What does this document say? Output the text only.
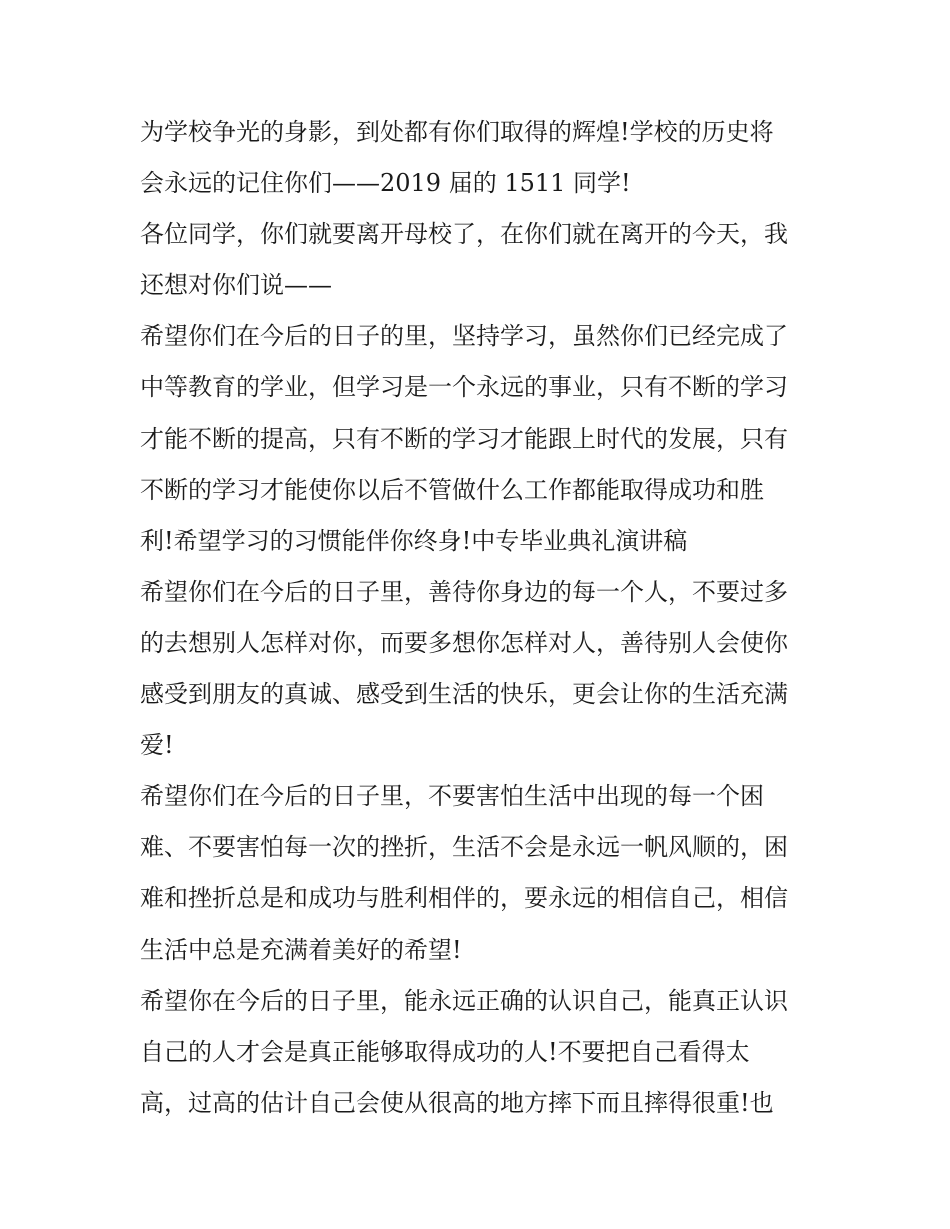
为学校争光的身影，到处都有你们取得的辉煌!学校的历史将
会永远的记住你们——2019 届的 1511 同学!
各位同学，你们就要离开母校了，在你们就在离开的今天，我
还想对你们说——
希望你们在今后的日子的里，坚持学习，虽然你们已经完成了
中等教育的学业，但学习是一个永远的事业，只有不断的学习
才能不断的提高，只有不断的学习才能跟上时代的发展，只有
不断的学习才能使你以后不管做什么工作都能取得成功和胜
利!希望学习的习惯能伴你终身!中专毕业典礼演讲稿
希望你们在今后的日子里，善待你身边的每一个人，不要过多
的去想别人怎样对你，而要多想你怎样对人，善待别人会使你
感受到朋友的真诚、感受到生活的快乐，更会让你的生活充满
爱!
希望你们在今后的日子里，不要害怕生活中出现的每一个困
难、不要害怕每一次的挫折，生活不会是永远一帆风顺的，困
难和挫折总是和成功与胜利相伴的，要永远的相信自己，相信
生活中总是充满着美好的希望!
希望你在今后的日子里，能永远正确的认识自己，能真正认识
自己的人才会是真正能够取得成功的人!不要把自己看得太
高，过高的估计自己会使从很高的地方摔下而且摔得很重!也
